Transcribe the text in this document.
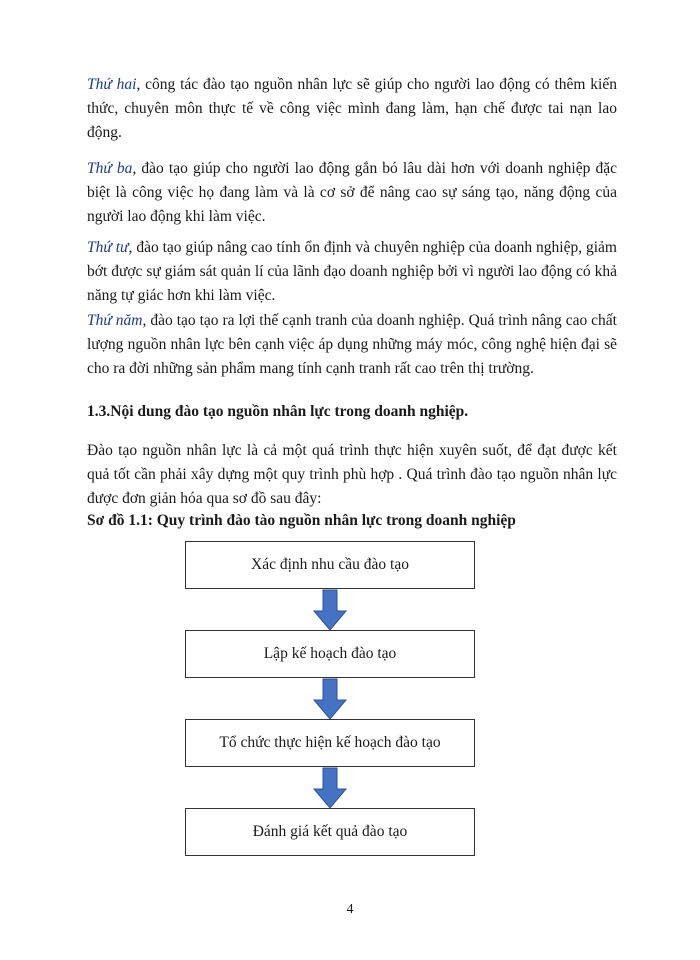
Thứ hai, công tác đào tạo nguồn nhân lực sẽ giúp cho người lao động có thêm kiến thức, chuyên môn thực tế về công việc mình đang làm, hạn chế được tai nạn lao động.

Thứ ba, đào tạo giúp cho người lao động gắn bó lâu dài hơn với doanh nghiệp đặc biệt là công việc họ đang làm và là cơ sở để nâng cao sự sáng tạo, năng động của người lao động khi làm việc.

Thứ tư, đào tạo giúp nâng cao tính ổn định và chuyên nghiệp của doanh nghiệp, giảm bớt được sự giám sát quản lí của lãnh đạo doanh nghiệp bởi vì người lao động có khả năng tự giác hơn khi làm việc.

Thứ năm, đào tạo tạo ra lợi thế cạnh tranh của doanh nghiệp. Quá trình nâng cao chất lượng nguồn nhân lực bên cạnh việc áp dụng những máy móc, công nghệ hiện đại sẽ cho ra đời những sản phẩm mang tính cạnh tranh rất cao trên thị trường.

1.3.Nội dung đào tạo nguồn nhân lực trong doanh nghiệp.

Đào tạo nguồn nhân lực là cả một quá trình thực hiện xuyên suốt, để đạt được kết quả tốt cần phải xây dựng một quy trình phù hợp . Quá trình đào tạo nguồn nhân lực được đơn giản hóa qua sơ đồ sau đây:

Sơ đồ 1.1: Quy trình đào tào nguồn nhân lực trong doanh nghiệp

Xác định nhu cầu đào tạo
Lập kế hoạch đào tạo
Tổ chức thực hiện kế hoạch đào tạo
Đánh giá kết quả đào tạo
4
